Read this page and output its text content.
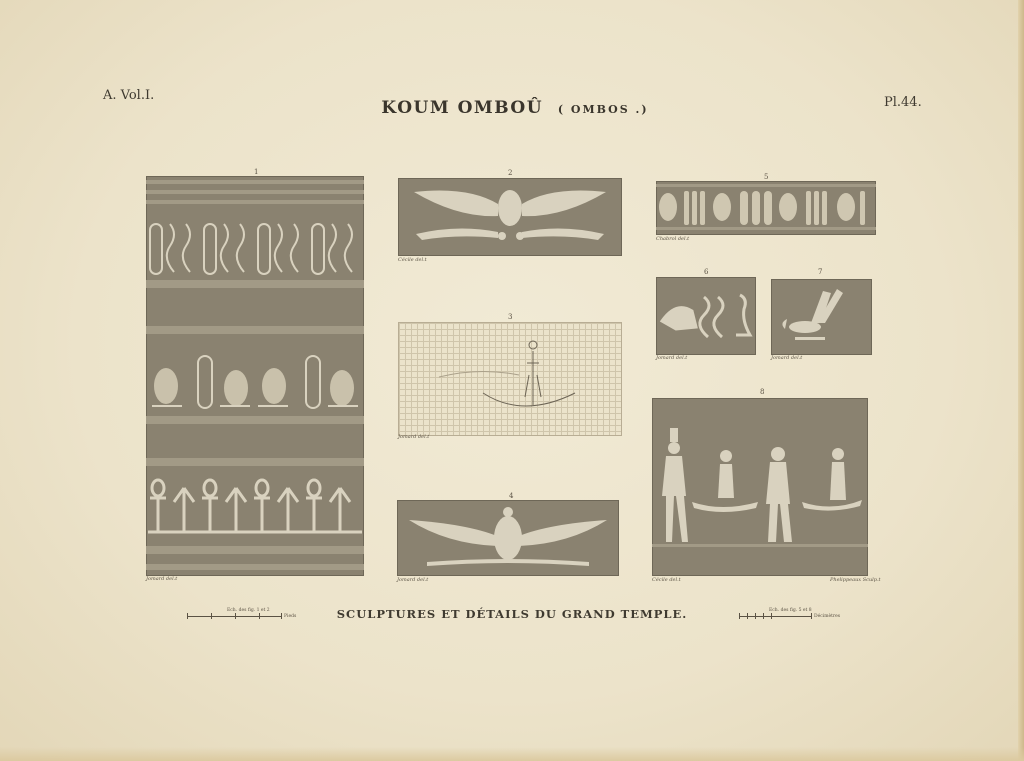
A. Vol.I.	Pl.44.
KOUM OMBOÛ ( OMBOS .)
SCULPTURES ET DÉTAILS DU GRAND TEMPLE.
1
Jomard del.t
2
Cécile del.t
3
Jomard del.t
4
Jomard del.t
5
Chabrol del.t
6
Jomard del.t
7
Jomard del.t
8
Cécile del.t	Phelippeaux Sculp.t
Ech. des fig. 1 et 2
Pieds
Ech. des fig. 5 et 8
Décimètres
